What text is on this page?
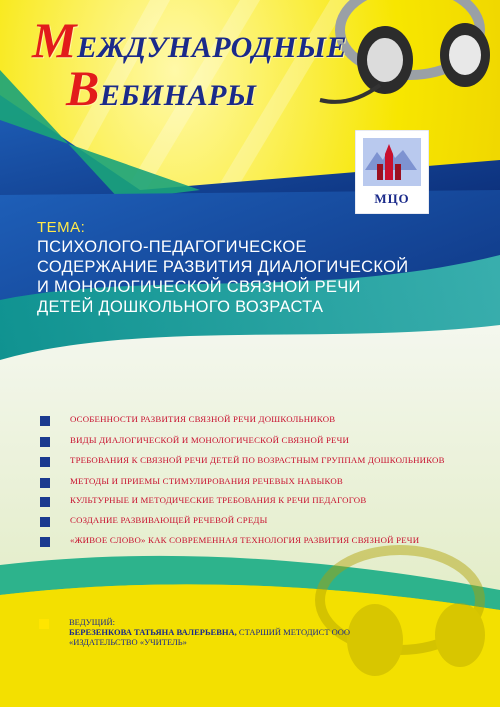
МЕЖДУНАРОДНЫЕ
ВЕБИНАРЫ
МЦО
ТЕМА:
ПСИХОЛОГО-ПЕДАГОГИЧЕСКОЕ
СОДЕРЖАНИЕ РАЗВИТИЯ ДИАЛОГИЧЕСКОЙ
И МОНОЛОГИЧЕСКОЙ СВЯЗНОЙ РЕЧИ
ДЕТЕЙ ДОШКОЛЬНОГО ВОЗРАСТА
ОСОБЕННОСТИ РАЗВИТИЯ СВЯЗНОЙ РЕЧИ ДОШКОЛЬНИКОВ
ВИДЫ ДИАЛОГИЧЕСКОЙ И МОНОЛОГИЧЕСКОЙ СВЯЗНОЙ РЕЧИ
ТРЕБОВАНИЯ К СВЯЗНОЙ РЕЧИ ДЕТЕЙ ПО ВОЗРАСТНЫМ ГРУППАМ ДОШКОЛЬНИКОВ
МЕТОДЫ И ПРИЕМЫ СТИМУЛИРОВАНИЯ РЕЧЕВЫХ НАВЫКОВ
КУЛЬТУРНЫЕ И МЕТОДИЧЕСКИЕ ТРЕБОВАНИЯ К РЕЧИ ПЕДАГОГОВ
СОЗДАНИЕ РАЗВИВАЮЩЕЙ РЕЧЕВОЙ СРЕДЫ
«ЖИВОЕ СЛОВО» КАК СОВРЕМЕННАЯ ТЕХНОЛОГИЯ РАЗВИТИЯ СВЯЗНОЙ РЕЧИ
ВЕДУЩИЙ:
БЕРЕЗЕНКОВА ТАТЬЯНА ВАЛЕРЬЕВНА, СТАРШИЙ МЕТОДИСТ ООО «ИЗДАТЕЛЬСТВО «УЧИТЕЛЬ»
